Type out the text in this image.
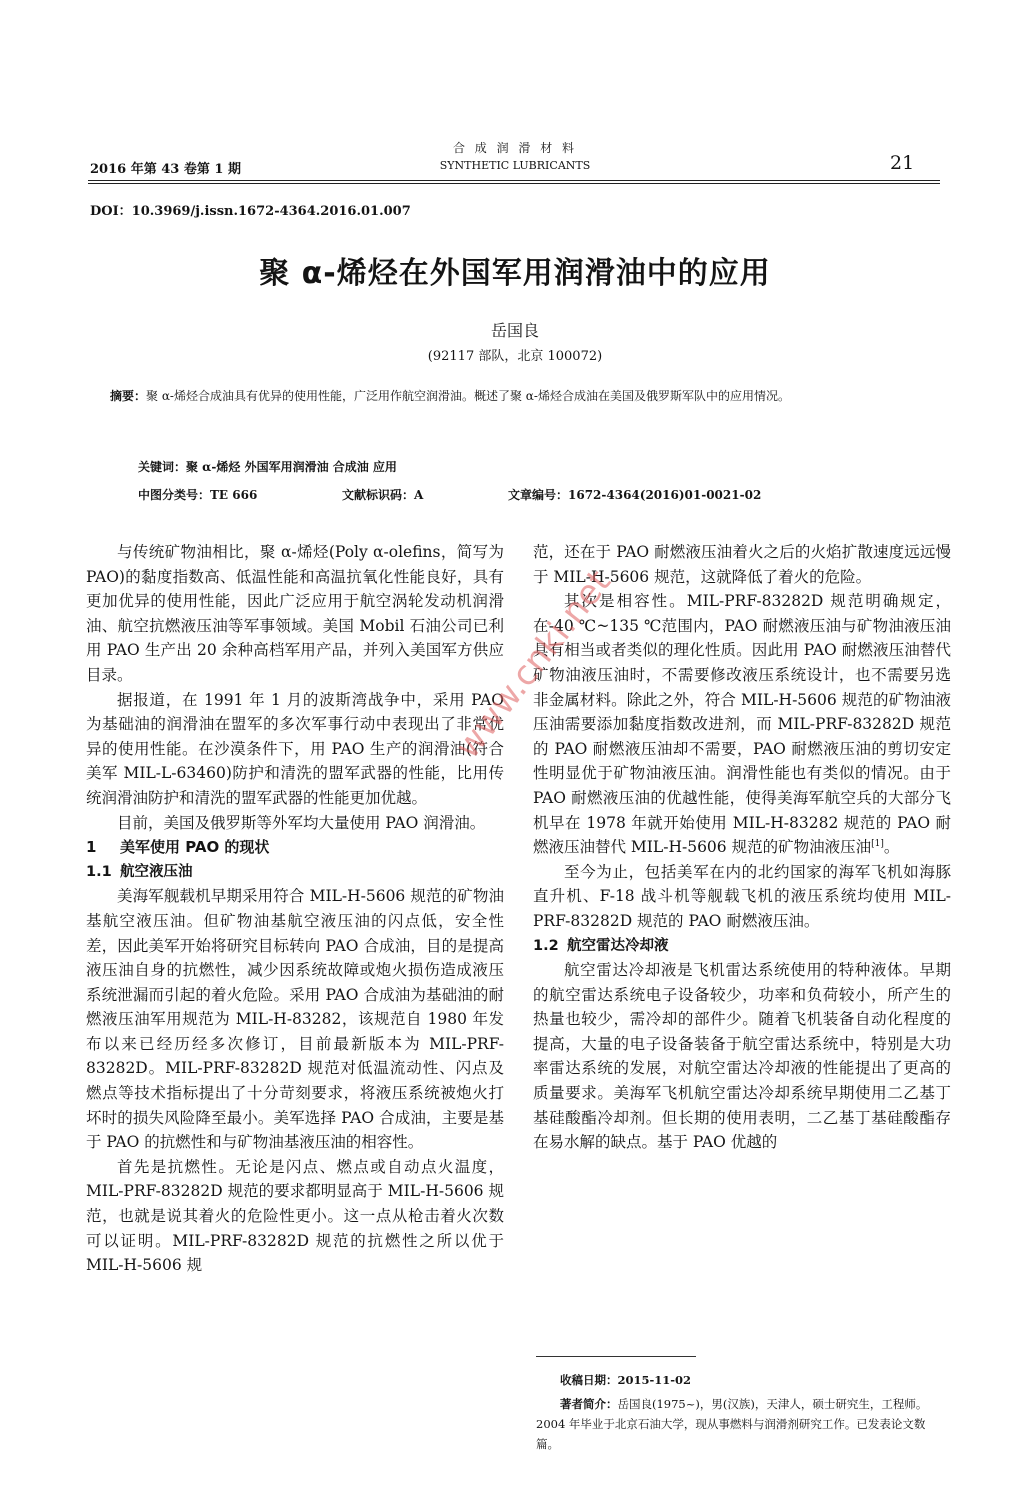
2016 年第 43 卷第 1 期
合 成 润 滑 材 料
SYNTHETIC LUBRICANTS	21
DOI：10.3969/j.issn.1672-4364.2016.01.007
聚 α-烯烃在外国军用润滑油中的应用
岳国良
(92117 部队，北京 100072)
摘要：聚 α-烯烃合成油具有优异的使用性能，广泛用作航空润滑油。概述了聚 α-烯烃合成油在美国及俄罗斯军队中的应用情况。
关键词：聚 α-烯烃 外国军用润滑油 合成油 应用
中图分类号：TE 666	文献标识码：A	文章编号：1672-4364(2016)01-0021-02

与传统矿物油相比，聚 α-烯烃(Poly α-olefins，简写为 PAO)的黏度指数高、低温性能和高温抗氧化性能良好，具有更加优异的使用性能，因此广泛应用于航空涡轮发动机润滑油、航空抗燃液压油等军事领域。美国 Mobil 石油公司已利用 PAO 生产出 20 余种高档军用产品，并列入美国军方供应目录。

据报道，在 1991 年 1 月的波斯湾战争中，采用 PAO 为基础油的润滑油在盟军的多次军事行动中表现出了非常优异的使用性能。在沙漠条件下，用 PAO 生产的润滑油(符合美军 MIL-L-63460)防护和清洗的盟军武器的性能，比用传统润滑油防护和清洗的盟军武器的性能更加优越。

目前，美国及俄罗斯等外军均大量使用 PAO 润滑油。

1 美军使用 PAO 的现状

1.1 航空液压油

美海军舰载机早期采用符合 MIL-H-5606 规范的矿物油基航空液压油。但矿物油基航空液压油的闪点低，安全性差，因此美军开始将研究目标转向 PAO 合成油，目的是提高液压油自身的抗燃性，减少因系统故障或炮火损伤造成液压系统泄漏而引起的着火危险。采用 PAO 合成油为基础油的耐燃液压油军用规范为 MIL-H-83282，该规范自 1980 年发布以来已经历经多次修订，目前最新版本为 MIL-PRF-83282D。MIL-PRF-83282D 规范对低温流动性、闪点及燃点等技术指标提出了十分苛刻要求，将液压系统被炮火打坏时的损失风险降至最小。美军选择 PAO 合成油，主要是基于 PAO 的抗燃性和与矿物油基液压油的相容性。

首先是抗燃性。无论是闪点、燃点或自动点火温度，MIL-PRF-83282D 规范的要求都明显高于 MIL-H-5606 规范，也就是说其着火的危险性更小。这一点从枪击着火次数可以证明。MIL-PRF-83282D 规范的抗燃性之所以优于 MIL-H-5606 规

范，还在于 PAO 耐燃液压油着火之后的火焰扩散速度远远慢于 MIL-H-5606 规范，这就降低了着火的危险。

其次是相容性。MIL-PRF-83282D 规范明确规定，在-40 ℃~135 ℃范围内，PAO 耐燃液压油与矿物油液压油具有相当或者类似的理化性质。因此用 PAO 耐燃液压油替代矿物油液压油时，不需要修改液压系统设计，也不需要另选非金属材料。除此之外，符合 MIL-H-5606 规范的矿物油液压油需要添加黏度指数改进剂，而 MIL-PRF-83282D 规范的 PAO 耐燃液压油却不需要，PAO 耐燃液压油的剪切安定性明显优于矿物油液压油。润滑性能也有类似的情况。由于 PAO 耐燃液压油的优越性能，使得美海军航空兵的大部分飞机早在 1978 年就开始使用 MIL-H-83282 规范的 PAO 耐燃液压油替代 MIL-H-5606 规范的矿物油液压油[1]。

至今为止，包括美军在内的北约国家的海军飞机如海豚直升机、F-18 战斗机等舰载飞机的液压系统均使用 MIL-PRF-83282D 规范的 PAO 耐燃液压油。

1.2 航空雷达冷却液

航空雷达冷却液是飞机雷达系统使用的特种液体。早期的航空雷达系统电子设备较少，功率和负荷较小，所产生的热量也较少，需冷却的部件少。随着飞机装备自动化程度的提高，大量的电子设备装备于航空雷达系统中，特别是大功率雷达系统的发展，对航空雷达冷却液的性能提出了更高的质量要求。美海军飞机航空雷达冷却系统早期使用二乙基丁基硅酸酯冷却剂。但长期的使用表明，二乙基丁基硅酸酯存在易水解的缺点。基于 PAO 优越的

收稿日期：2015-11-02
著者简介：岳国良(1975~)，男(汉族)，天津人，硕士研究生，工程师。2004 年毕业于北京石油大学，现从事燃料与润滑剂研究工作。已发表论文数篇。
www.cnki.net
